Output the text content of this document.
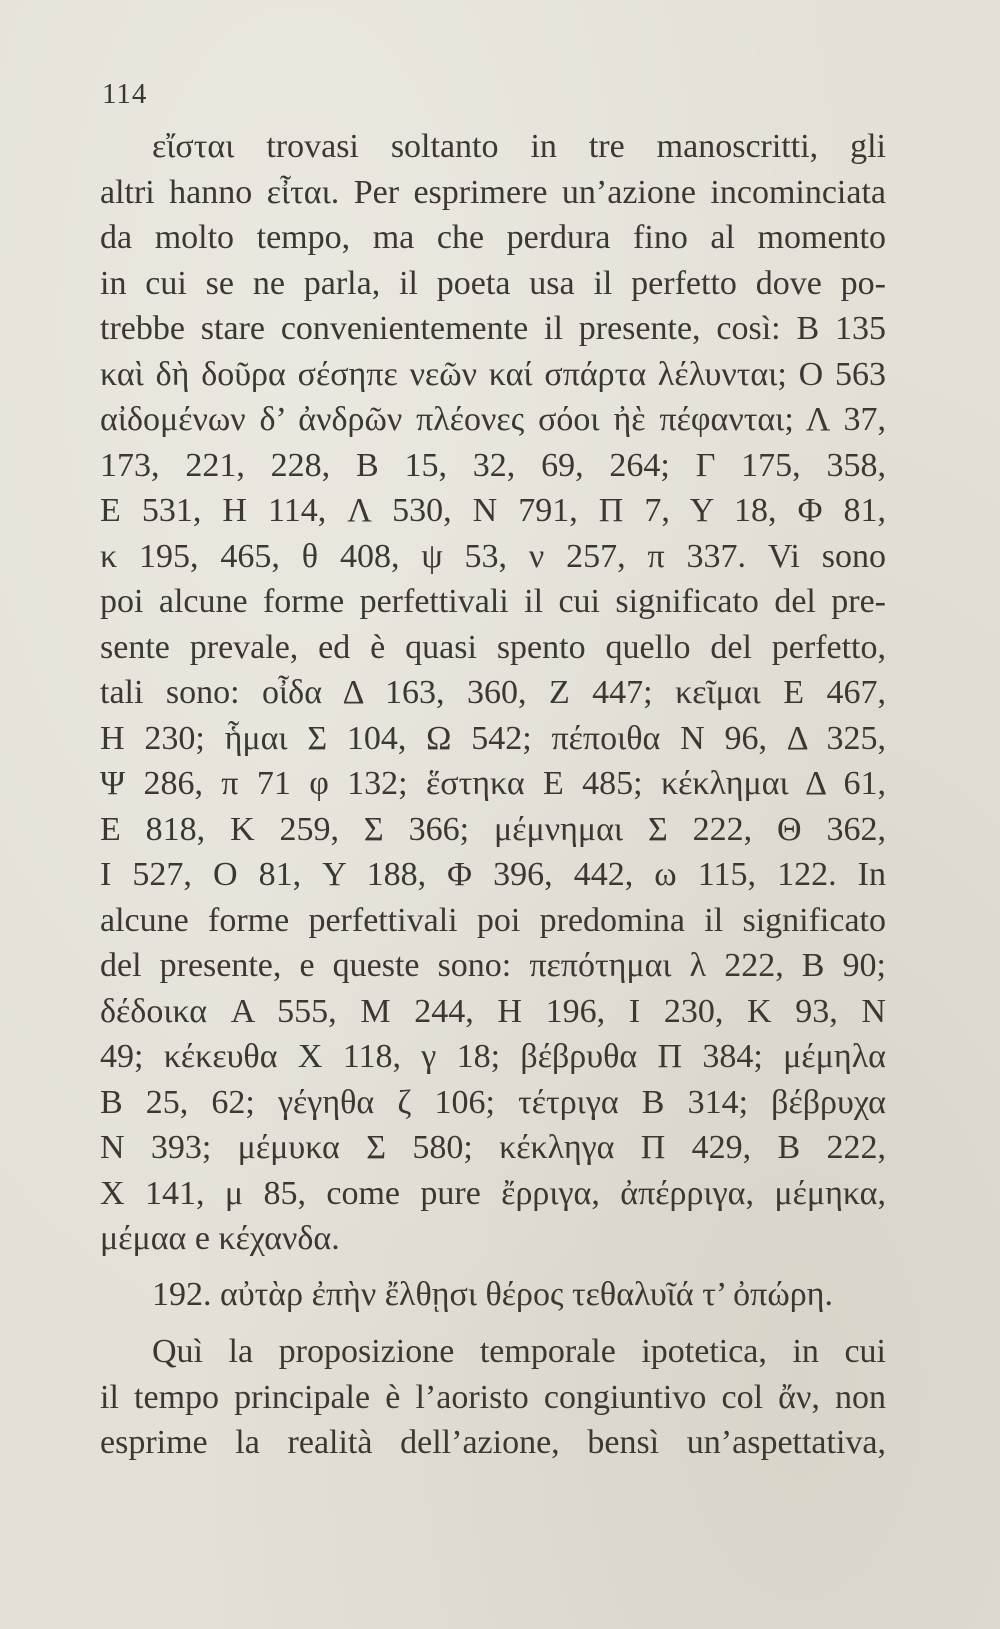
114
εἴσται trovasi soltanto in tre manoscritti, gli
altri hanno εἶται. Per esprimere un’azione incominciata
da molto tempo, ma che perdura fino al momento
in cui se ne parla, il poeta usa il perfetto dove po-
trebbe stare convenientemente il presente, così: B 135
καὶ δὴ δοῦρα σέσηπε νεῶν καί σπάρτα λέλυνται; O 563
αἰδομένων δ’ ἀνδρῶν πλέονες σόοι ἠὲ πέφανται; Λ 37,
173, 221, 228, B 15, 32, 69, 264; Γ 175, 358,
E 531, H 114, Λ 530, N 791, Π 7, Υ 18, Φ 81,
κ 195, 465, θ 408, ψ 53, ν 257, π 337. Vi sono
poi alcune forme perfettivali il cui significato del pre-
sente prevale, ed è quasi spento quello del perfetto,
tali sono: οἶδα Δ 163, 360, Z 447; κεῖμαι E 467,
H 230; ἧμαι Σ 104, Ω 542; πέποιθα N 96, Δ 325,
Ψ 286, π 71 φ 132; ἕστηκα E 485; κέκλημαι Δ 61,
E 818, K 259, Σ 366; μέμνημαι Σ 222, Θ 362,
I 527, O 81, Υ 188, Φ 396, 442, ω 115, 122. In
alcune forme perfettivali poi predomina il significato
del presente, e queste sono: πεπότημαι λ 222, B 90;
δέδοικα A 555, M 244, H 196, I 230, K 93, N
49; κέκευθα X 118, γ 18; βέβρυθα Π 384; μέμηλα
B 25, 62; γέγηθα ζ 106; τέτριγα B 314; βέβρυχα
N 393; μέμυκα Σ 580; κέκληγα Π 429, B 222,
X 141, μ 85, come pure ἔρριγα, ἀπέρριγα, μέμηκα,
μέμαα e κέχανδα.
192. αὐτὰρ ἐπὴν ἔλθῃσι θέρος τεθαλυῖά τ’ ὀπώρη.
Quì la proposizione temporale ipotetica, in cui
il tempo principale è l’aoristo congiuntivo col ἄν, non
esprime la realità dell’azione, bensì un’aspettativa,
